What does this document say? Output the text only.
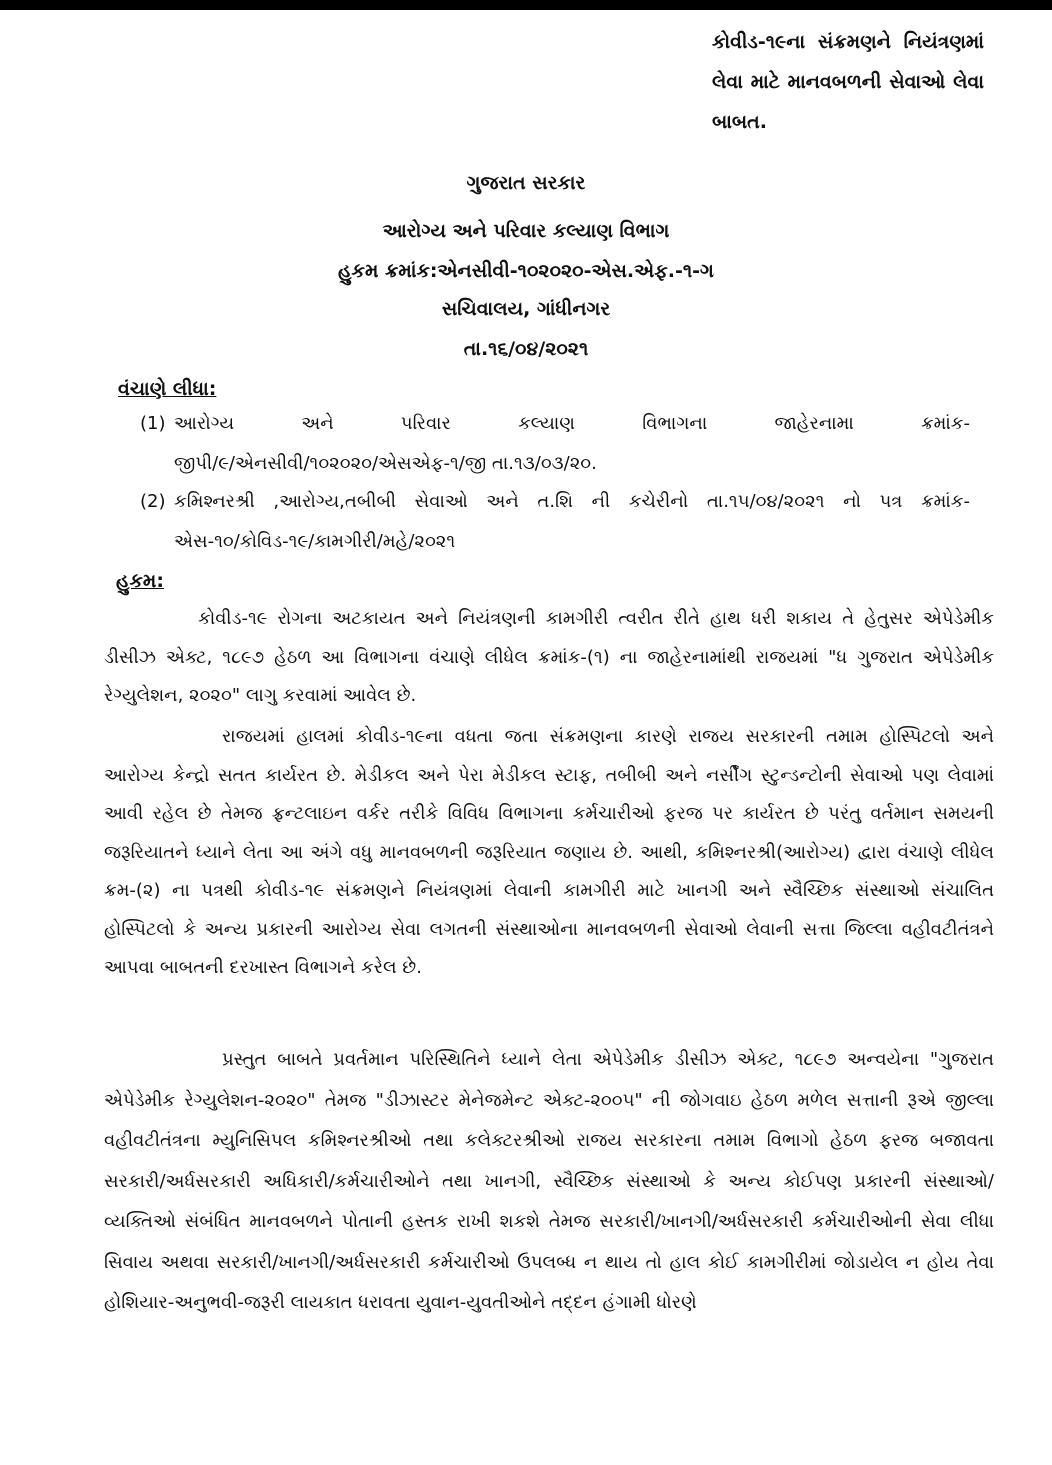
કોવીડ-૧૯ના સંક્રમણને નિયંત્રણમાં લેવા માટે માનવબળની સેવાઓ લેવા બાબત.
ગુજરાત સરકાર
આરોગ્ય અને પરિવાર કલ્યાણ વિભાગ
હુકમ ક્રમાંક:એનસીવી-૧૦૨૦૨૦-એસ.એફ.-૧-ગ
સચિવાલય, ગાંધીનગર
તા.૧૬/૦૪/૨૦૨૧
વંચાણે લીધા:
(1) આરોગ્ય અને પરિવાર કલ્યાણ વિભાગના જાહેરનામા ક્રમાંક-
જીપી/૯/એનસીવી/૧૦૨૦૨૦/એસએફ-૧/જી તા.૧૩/૦૩/૨૦.
(2) કમિશ્નરશ્રી ,આરોગ્ય,તબીબી સેવાઓ અને ત.શિ ની કચેરીનો તા.૧૫/૦૪/૨૦૨૧ નો પત્ર ક્રમાંક-
એસ-૧૦/કોવિડ-૧૯/કામગીરી/મહે/૨૦૨૧
હુકમ:

કોવીડ-૧૯ રોગના અટકાયત અને નિયંત્રણની કામગીરી ત્વરીત રીતે હાથ ધરી શકાય તે હેતુસર એપેડેમીક ડીસીઝ એક્ટ, ૧૮૯૭ હેઠળ આ વિભાગના વંચાણે લીધેલ ક્રમાંક-(૧) ના જાહેરનામાંથી રાજયમાં "ધ ગુજરાત એપેડેમીક રેગ્યુલેશન, ૨૦૨૦" લાગુ કરવામાં આવેલ છે.

રાજયમાં હાલમાં કોવીડ-૧૯ના વધતા જતા સંક્રમણના કારણે રાજય સરકારની તમામ હોસ્પિટલો અને આરોગ્ય કેન્દ્રો સતત કાર્યરત છે. મેડીકલ અને પેરા મેડીકલ સ્ટાફ, તબીબી અને નર્સીંગ સ્ટુન્ડન્ટોની સેવાઓ પણ લેવામાં આવી રહેલ છે તેમજ ફ્રન્ટલાઇન વર્કર તરીકે વિવિધ વિભાગના કર્મચારીઓ ફરજ પર કાર્યરત છે પરંતુ વર્તમાન સમયની જરૂરિયાતને ધ્યાને લેતા આ અંગે વધુ માનવબળની જરૂરિયાત જણાય છે. આથી, કમિશ્નરશ્રી(આરોગ્ય) દ્વારા વંચાણે લીધેલ ક્રમ-(૨) ના પત્રથી કોવીડ-૧૯ સંક્રમણને નિયંત્રણમાં લેવાની કામગીરી માટે ખાનગી અને સ્વૈચ્છિક સંસ્થાઓ સંચાલિત હોસ્પિટલો કે અન્ય પ્રકારની આરોગ્ય સેવા લગતની સંસ્થાઓના માનવબળની સેવાઓ લેવાની સત્તા જિલ્લા વહીવટીતંત્રને આપવા બાબતની દરખાસ્ત વિભાગને કરેલ છે.

પ્રસ્તુત બાબતે પ્રવર્તમાન પરિસ્થિતિને ધ્યાને લેતા એપેડેમીક ડીસીઝ એક્ટ, ૧૮૯૭ અન્વયેના "ગુજરાત એપેડેમીક રેગ્યુલેશન-૨૦૨૦" તેમજ "ડીઝાસ્ટર મેનેજમેન્ટ એક્ટ-૨૦૦૫" ની જોગવાઇ હેઠળ મળેલ સત્તાની રૂએ જીલ્લા વહીવટીતંત્રના મ્યુનિસિપલ કમિશ્નરશ્રીઓ તથા કલેક્ટરશ્રીઓ રાજય સરકારના તમામ વિભાગો હેઠળ ફરજ બજાવતા સરકારી/અર્ધસરકારી અધિકારી/કર્મચારીઓને તથા ખાનગી, સ્વૈચ્છિક સંસ્થાઓ કે અન્ય કોઈપણ પ્રકારની સંસ્થાઓ/વ્યક્તિઓ સંબંધિત માનવબળને પોતાની હસ્તક રાખી શકશે તેમજ સરકારી/ખાનગી/અર્ધસરકારી કર્મચારીઓની સેવા લીધા સિવાય અથવા સરકારી/ખાનગી/અર્ધસરકારી કર્મચારીઓ ઉપલબ્ધ ન થાય તો હાલ કોઈ કામગીરીમાં જોડાયેલ ન હોય તેવા હોશિયાર-અનુભવી-જરૂરી લાયકાત ધરાવતા યુવાન-યુવતીઓને તદ્દન હંગામી ધોરણે
